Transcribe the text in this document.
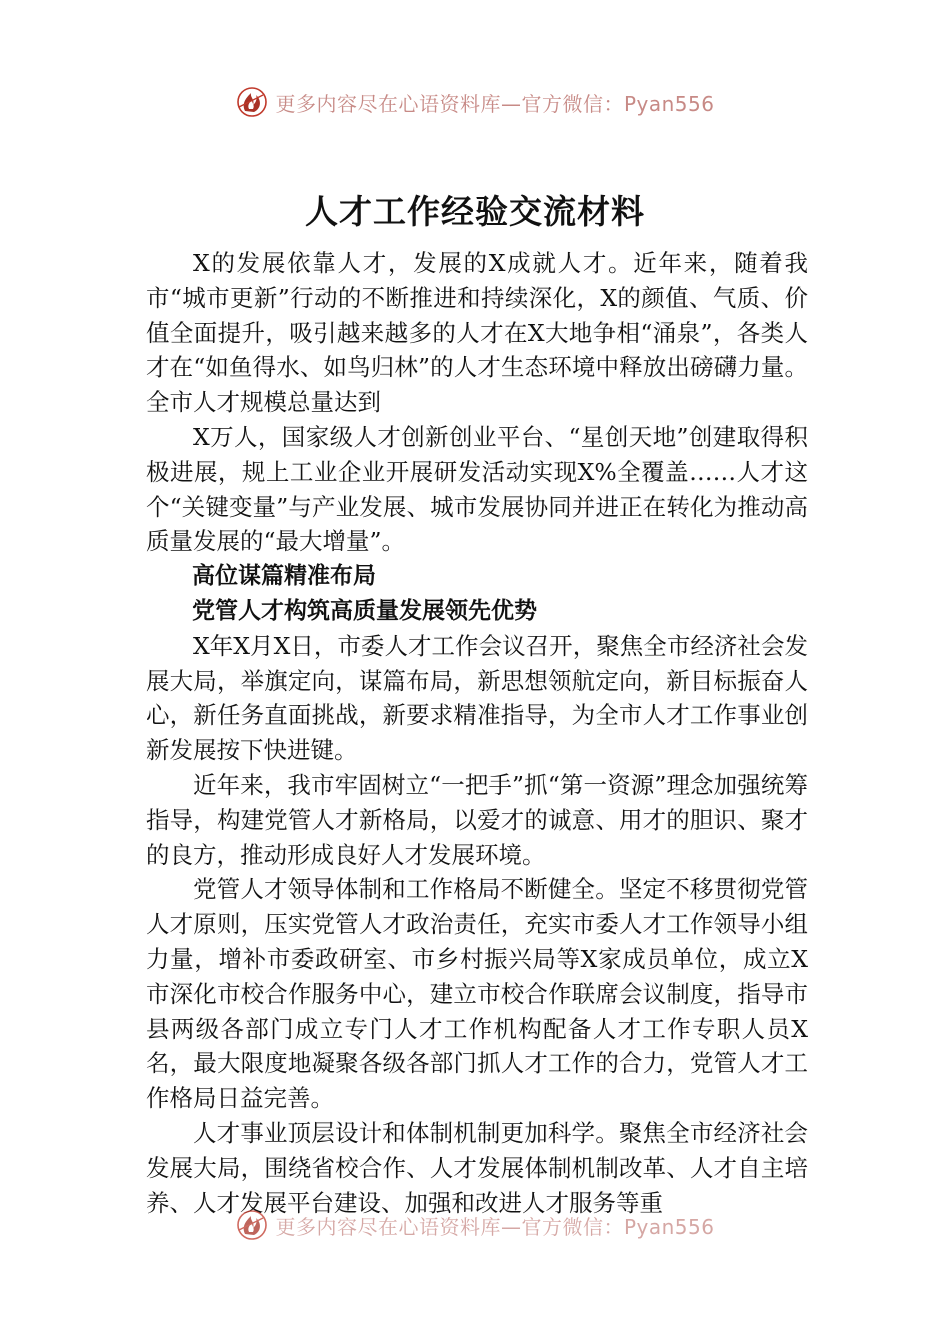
更多内容尽在心语资料库—官方微信：Pyan556
人才工作经验交流材料

X的发展依靠人才，发展的X成就人才。近年来，随着我市“城市更新”行动的不断推进和持续深化，X的颜值、气质、价值全面提升，吸引越来越多的人才在X大地争相“涌泉”，各类人才在“如鱼得水、如鸟归林”的人才生态环境中释放出磅礴力量。全市人才规模总量达到

X万人，国家级人才创新创业平台、“星创天地”创建取得积极进展，规上工业企业开展研发活动实现X%全覆盖……人才这个“关键变量”与产业发展、城市发展协同并进正在转化为推动高质量发展的“最大增量”。

高位谋篇精准布局

党管人才构筑高质量发展领先优势

X年X月X日，市委人才工作会议召开，聚焦全市经济社会发展大局，举旗定向，谋篇布局，新思想领航定向，新目标振奋人心，新任务直面挑战，新要求精准指导，为全市人才工作事业创新发展按下快进键。

近年来，我市牢固树立“一把手”抓“第一资源”理念加强统筹指导，构建党管人才新格局，以爱才的诚意、用才的胆识、聚才的良方，推动形成良好人才发展环境。

党管人才领导体制和工作格局不断健全。坚定不移贯彻党管人才原则，压实党管人才政治责任，充实市委人才工作领导小组力量，增补市委政研室、市乡村振兴局等X家成员单位，成立X市深化市校合作服务中心，建立市校合作联席会议制度，指导市县两级各部门成立专门人才工作机构配备人才工作专职人员X名，最大限度地凝聚各级各部门抓人才工作的合力，党管人才工作格局日益完善。

人才事业顶层设计和体制机制更加科学。聚焦全市经济社会发展大局，围绕省校合作、人才发展体制机制改革、人才自主培养、人才发展平台建设、加强和改进人才服务等重

更多内容尽在心语资料库—官方微信：Pyan556
